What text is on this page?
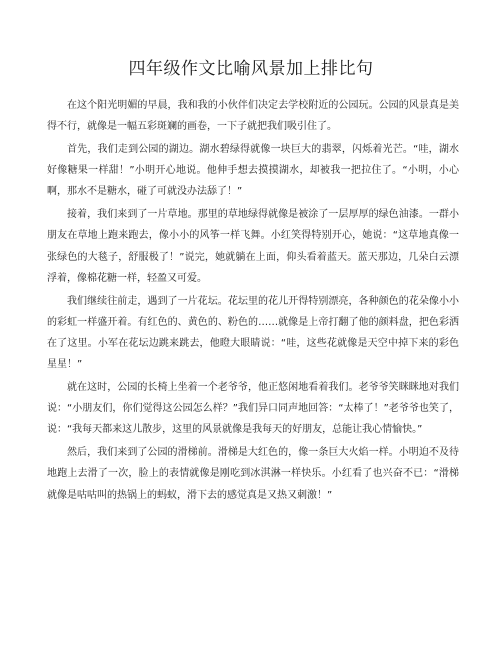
四年级作文比喻风景加上排比句

在这个阳光明媚的早晨，我和我的小伙伴们决定去学校附近的公园玩。公园的风景真是美得不行，就像是一幅五彩斑斓的画卷，一下子就把我们吸引住了。

首先，我们走到公园的湖边。湖水碧绿得就像一块巨大的翡翠，闪烁着光芒。“哇，湖水好像糖果一样甜！”小明开心地说。他伸手想去摸摸湖水，却被我一把拉住了。“小明，小心啊，那水不是糖水，碰了可就没办法舔了！”

接着，我们来到了一片草地。那里的草地绿得就像是被涂了一层厚厚的绿色油漆。一群小朋友在草地上跑来跑去，像小小的风筝一样飞舞。小红笑得特别开心，她说：“这草地真像一张绿色的大毯子，舒服极了！”说完，她就躺在上面，仰头看着蓝天。蓝天那边，几朵白云漂浮着，像棉花糖一样，轻盈又可爱。

我们继续往前走，遇到了一片花坛。花坛里的花儿开得特别漂亮，各种颜色的花朵像小小的彩虹一样盛开着。有红色的、黄色的、粉色的……就像是上帝打翻了他的颜料盘，把色彩洒在了这里。小军在花坛边跳来跳去，他瞪大眼睛说：“哇，这些花就像是天空中掉下来的彩色星星！”

就在这时，公园的长椅上坐着一个老爷爷，他正悠闲地看着我们。老爷爷笑眯眯地对我们说：“小朋友们，你们觉得这公园怎么样？”我们异口同声地回答：“太棒了！”老爷爷也笑了，说：“我每天都来这儿散步，这里的风景就像是我每天的好朋友，总能让我心情愉快。”

然后，我们来到了公园的滑梯前。滑梯是大红色的，像一条巨大火焰一样。小明迫不及待地跑上去滑了一次，脸上的表情就像是刚吃到冰淇淋一样快乐。小红看了也兴奋不已：“滑梯就像是咕咕叫的热锅上的蚂蚁，滑下去的感觉真是又热又刺激！”
